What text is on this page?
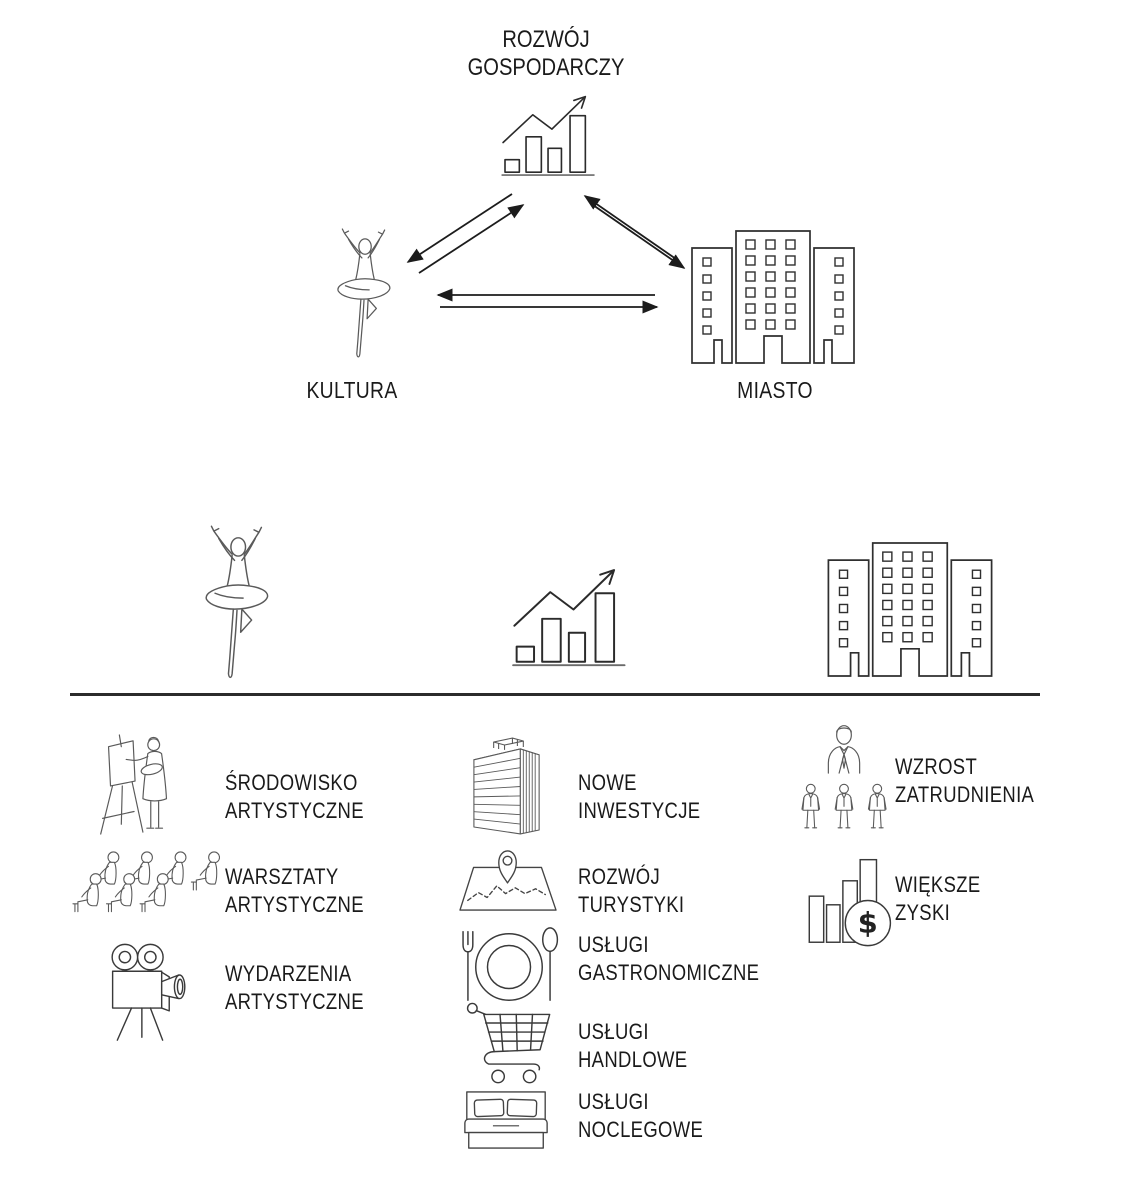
ROZWÓJ
GOSPODARCZY
KULTURA	MIASTO
ŚRODOWISKO
ARTYSTYCZNE
WARSZTATY
ARTYSTYCZNE
WYDARZENIA
ARTYSTYCZNE
NOWE
INWESTYCJE
ROZWÓJ
TURYSTYKI
USŁUGI
GASTRONOMICZNE
USŁUGI
HANDLOWE
USŁUGI
NOCLEGOWE
WZROST
ZATRUDNIENIA
WIĘKSZE
ZYSKI
